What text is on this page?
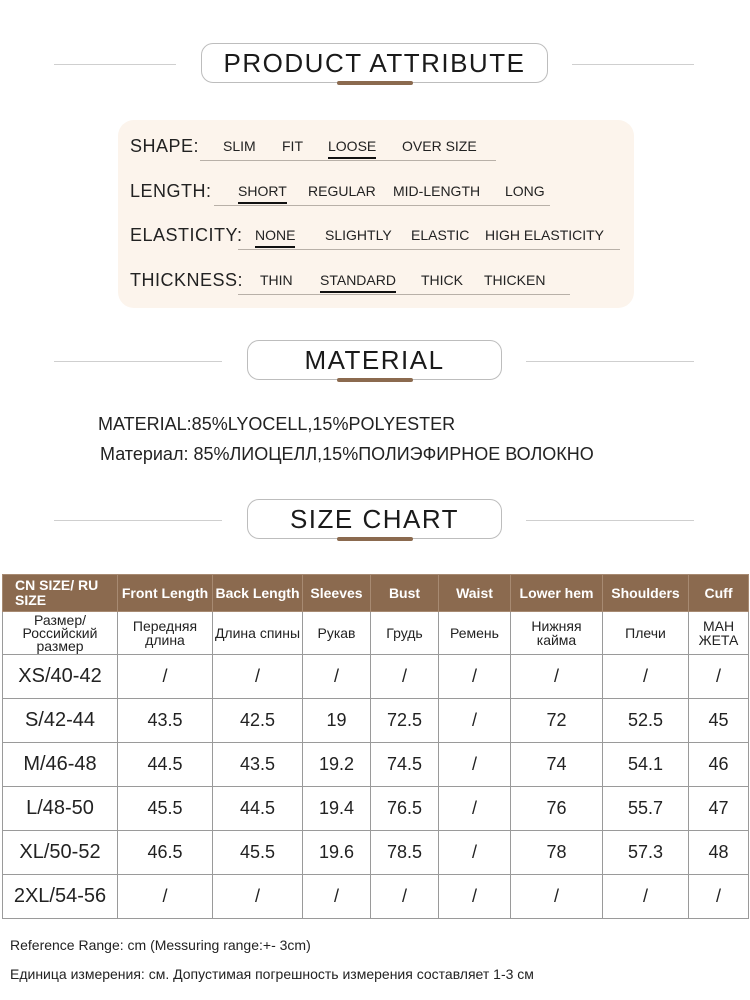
PRODUCT ATTRIBUTE
SHAPE: SLIM FIT LOOSE OVER SIZE
LENGTH: SHORT REGULAR MID-LENGTH LONG
ELASTICITY: NONE SLIGHTLY ELASTIC HIGH ELASTICITY
THICKNESS: THIN STANDARD THICK THICKEN
MATERIAL
MATERIAL:85%LYOCELL,15%POLYESTER
Материал: 85%ЛИОЦЕЛЛ,15%ПОЛИЭФИРНОЕ ВОЛОКНО
SIZE CHART
CN SIZE/ RU SIZE	Front Length	Back Length	Sleeves	Bust	Waist	Lower hem	Shoulders	Cuff
Размер/ Российский размер	Передняя длина	Длина спины	Рукав	Грудь	Ремень	Нижняя кайма	Плечи	МАН ЖЕТА
XS/40-42	/	/	/	/	/	/	/	/
S/42-44	43.5	42.5	19	72.5	/	72	52.5	45
M/46-48	44.5	43.5	19.2	74.5	/	74	54.1	46
L/48-50	45.5	44.5	19.4	76.5	/	76	55.7	47
XL/50-52	46.5	45.5	19.6	78.5	/	78	57.3	48
2XL/54-56	/	/	/	/	/	/	/	/
Reference Range: cm (Messuring range:+- 3cm)
Единица измерения: см. Допустимая погрешность измерения составляет 1-3 см
